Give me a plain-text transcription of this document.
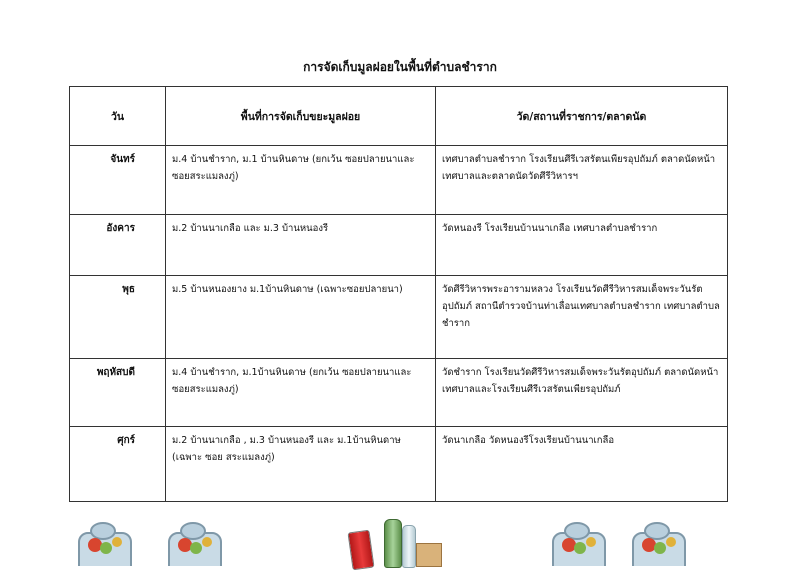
การจัดเก็บมูลฝอยในพื้นที่ตำบลชำราก
วัน	พื้นที่การจัดเก็บขยะมูลฝอย	วัด/สถานที่ราชการ/ตลาดนัด
จันทร์	ม.4 บ้านชำราก, ม.1 บ้านหินดาษ (ยกเว้น ซอยปลายนาและซอยสระแมลงภู่)	เทศบาลตำบลชำราก โรงเรียนศีรีเวสรัตนเพียรอุปถัมภ์ ตลาดนัดหน้าเทศบาลและตลาดนัดวัดศีรีวิหารฯ
อังคาร	ม.2 บ้านนาเกลือ และ ม.3 บ้านหนองรี	วัดหนองรี โรงเรียนบ้านนาเกลือ เทศบาลตำบลชำราก
พุธ	ม.5 บ้านหนองยาง ม.1บ้านหินดาษ (เฉพาะซอยปลายนา)	วัดศีรีวิหารพระอารามหลวง โรงเรียนวัดศีรีวิหารสมเด็จพระวันรัตอุปถัมภ์ สถานีตำรวจบ้านท่าเลื่อนเทศบาลตำบลชำราก เทศบาลตำบลชำราก
พฤหัสบดี	ม.4 บ้านชำราก, ม.1บ้านหินดาษ (ยกเว้น ซอยปลายนาและซอยสระแมลงภู่)	วัดชำราก โรงเรียนวัดศีรีวิหารสมเด็จพระวันรัตอุปถัมภ์ ตลาดนัดหน้าเทศบาลและโรงเรียนศีรีเวสรัตนเพียรอุปถัมภ์
ศุกร์	ม.2 บ้านนาเกลือ , ม.3 บ้านหนองรี และ ม.1บ้านหินดาษ (เฉพาะ ซอย สระแมลงภู่)	วัดนาเกลือ วัดหนองรีโรงเรียนบ้านนาเกลือ
